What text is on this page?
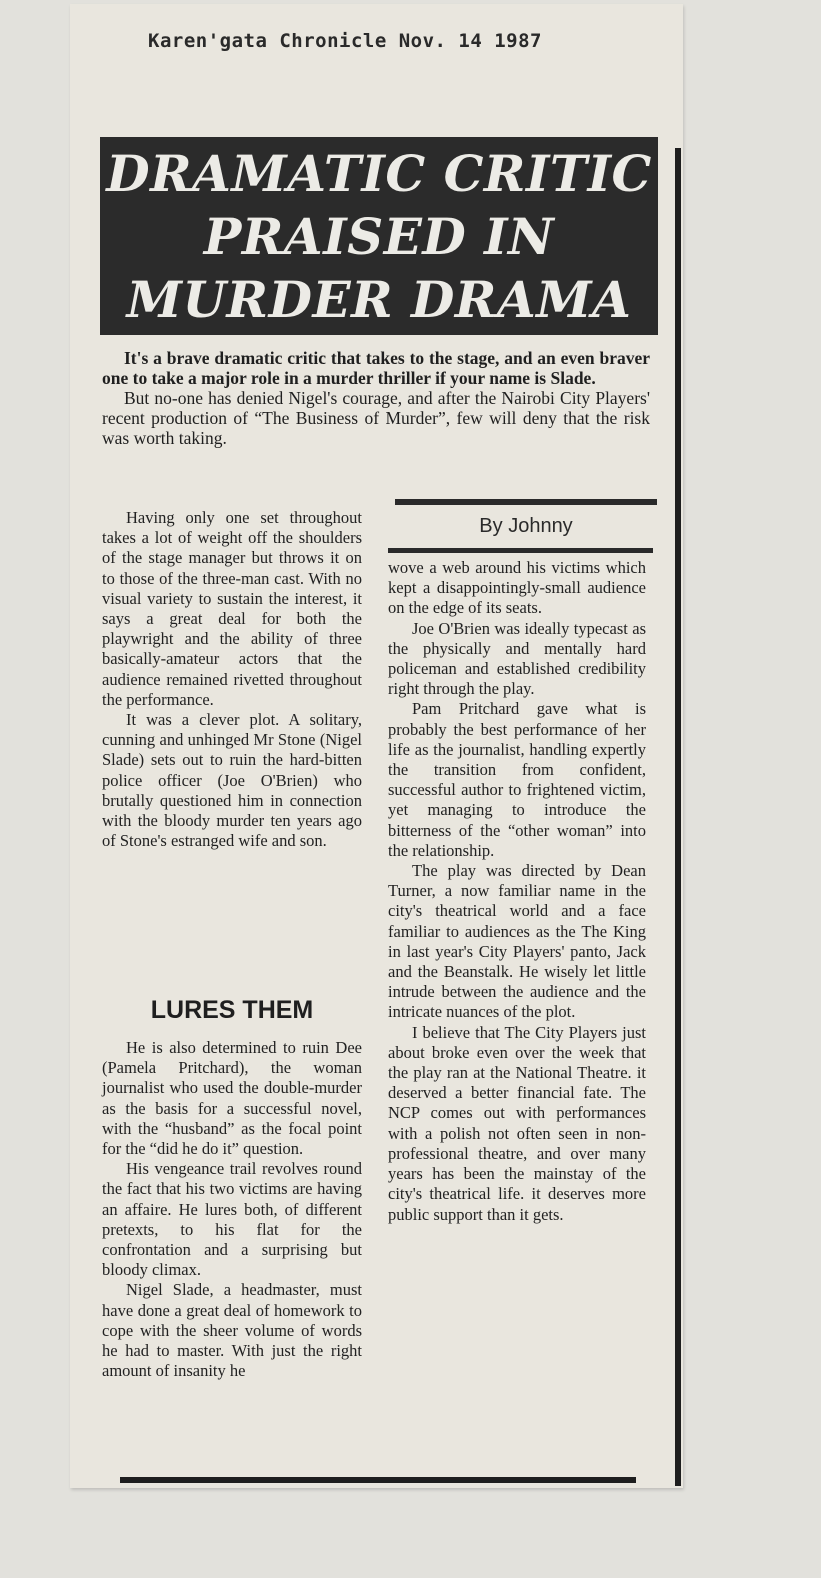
Karen'gata Chronicle Nov. 14 1987
DRAMATIC CRITIC
PRAISED IN
MURDER DRAMA

It's a brave dramatic critic that takes to the stage, and an even braver one to take a major role in a murder thriller if your name is Slade.

But no-one has denied Nigel's courage, and after the Nairobi City Players' recent production of “The Business of Murder”, few will deny that the risk was worth taking.

By Johnny

Having only one set throughout takes a lot of weight off the shoulders of the stage manager but throws it on to those of the three-man cast. With no visual variety to sustain the interest, it says a great deal for both the playwright and the ability of three basically-amateur actors that the audience remained rivetted throughout the performance.

It was a clever plot. A solitary, cunning and unhinged Mr Stone (Nigel Slade) sets out to ruin the hard-bitten police officer (Joe O'Brien) who brutally questioned him in connection with the bloody murder ten years ago of Stone's estranged wife and son.

LURES THEM

He is also determined to ruin Dee (Pamela Pritchard), the woman journalist who used the double-murder as the basis for a successful novel, with the “husband” as the focal point for the “did he do it” question.

His vengeance trail revolves round the fact that his two victims are having an affaire. He lures both, of different pretexts, to his flat for the confrontation and a surprising but bloody climax.

Nigel Slade, a headmaster, must have done a great deal of homework to cope with the sheer volume of words he had to master. With just the right amount of insanity he

wove a web around his victims which kept a disappointingly-small audience on the edge of its seats.

Joe O'Brien was ideally typecast as the physically and mentally hard policeman and established credibility right through the play.

Pam Pritchard gave what is probably the best performance of her life as the journalist, handling expertly the transition from confident, successful author to frightened victim, yet managing to introduce the bitterness of the “other woman” into the relationship.

The play was directed by Dean Turner, a now familiar name in the city's theatrical world and a face familiar to audiences as the The King in last year's City Players' panto, Jack and the Beanstalk. He wisely let little intrude between the audience and the intricate nuances of the plot.

I believe that The City Players just about broke even over the week that the play ran at the National Theatre. it deserved a better financial fate. The NCP comes out with performances with a polish not often seen in non-professional theatre, and over many years has been the mainstay of the city's theatrical life. it deserves more public support than it gets.
